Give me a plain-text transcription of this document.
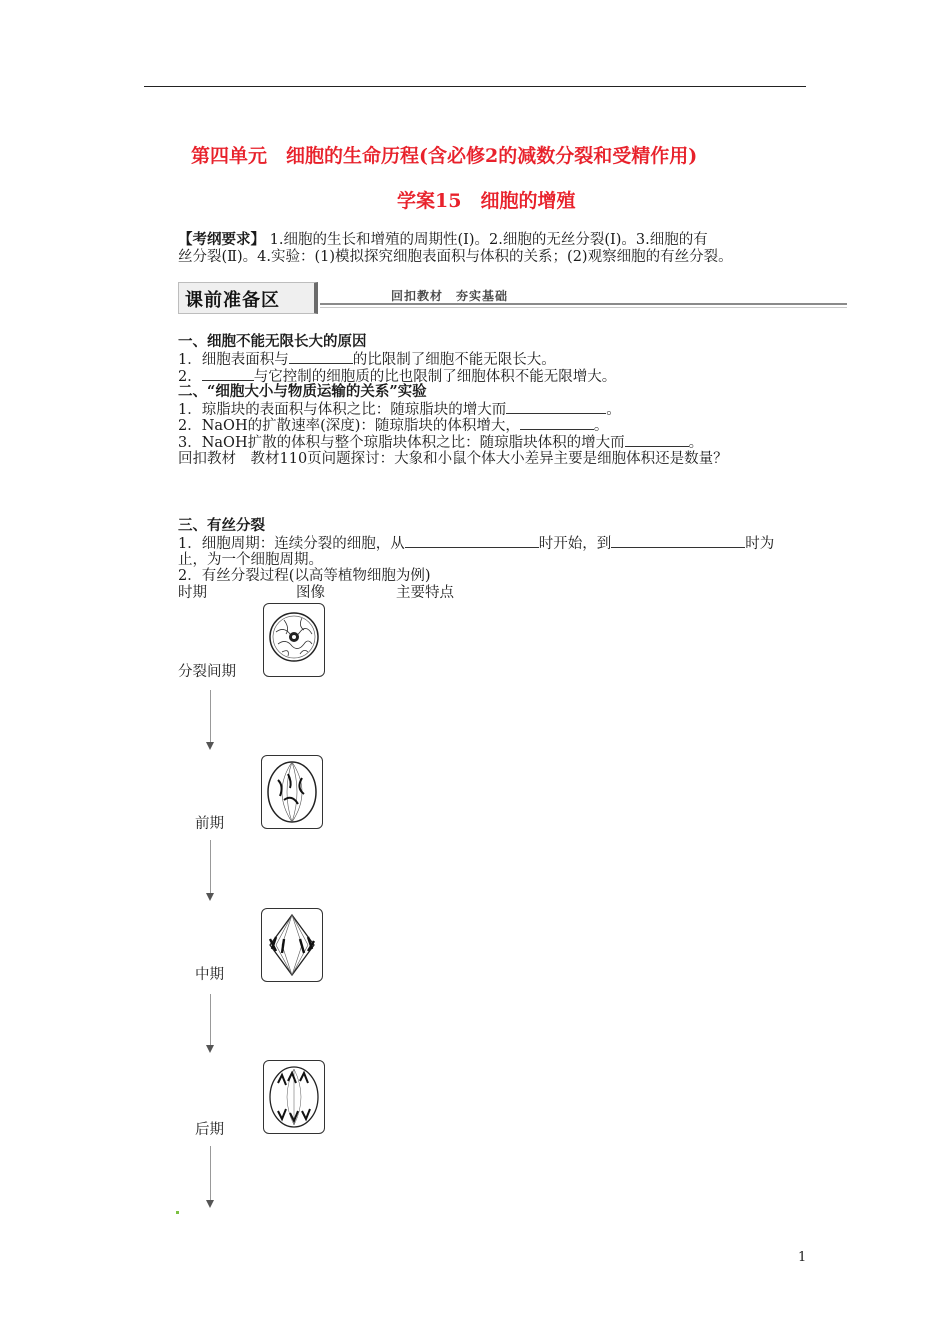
第四单元　细胞的生命历程(含必修2的减数分裂和受精作用)
学案15　细胞的增殖
【考纲要求】 1.细胞的生长和增殖的周期性(Ⅰ)。2.细胞的无丝分裂(Ⅰ)。3.细胞的有
丝分裂(Ⅱ)。4.实验：(1)模拟探究细胞表面积与体积的关系；(2)观察细胞的有丝分裂。
课前准备区	回扣教材　夯实基础
一、细胞不能无限长大的原因
1．细胞表面积与	的比限制了细胞不能无限长大。
2．	与它控制的细胞质的比也限制了细胞体积不能无限增大。
二、“细胞大小与物质运输的关系”实验
1．琼脂块的表面积与体积之比：随琼脂块的增大而	。
2．NaOH的扩散速率(深度)：随琼脂块的体积增大，	。
3．NaOH扩散的体积与整个琼脂块体积之比：随琼脂块体积的增大而	。
回扣教材　教材110页问题探讨：大象和小鼠个体大小差异主要是细胞体积还是数量？
三、有丝分裂
1．细胞周期：连续分裂的细胞，从	时开始，到	时为
止，为一个细胞周期。
2．有丝分裂过程(以高等植物细胞为例)
时期	图像	主要特点
分裂间期
前期
中期
后期
1
